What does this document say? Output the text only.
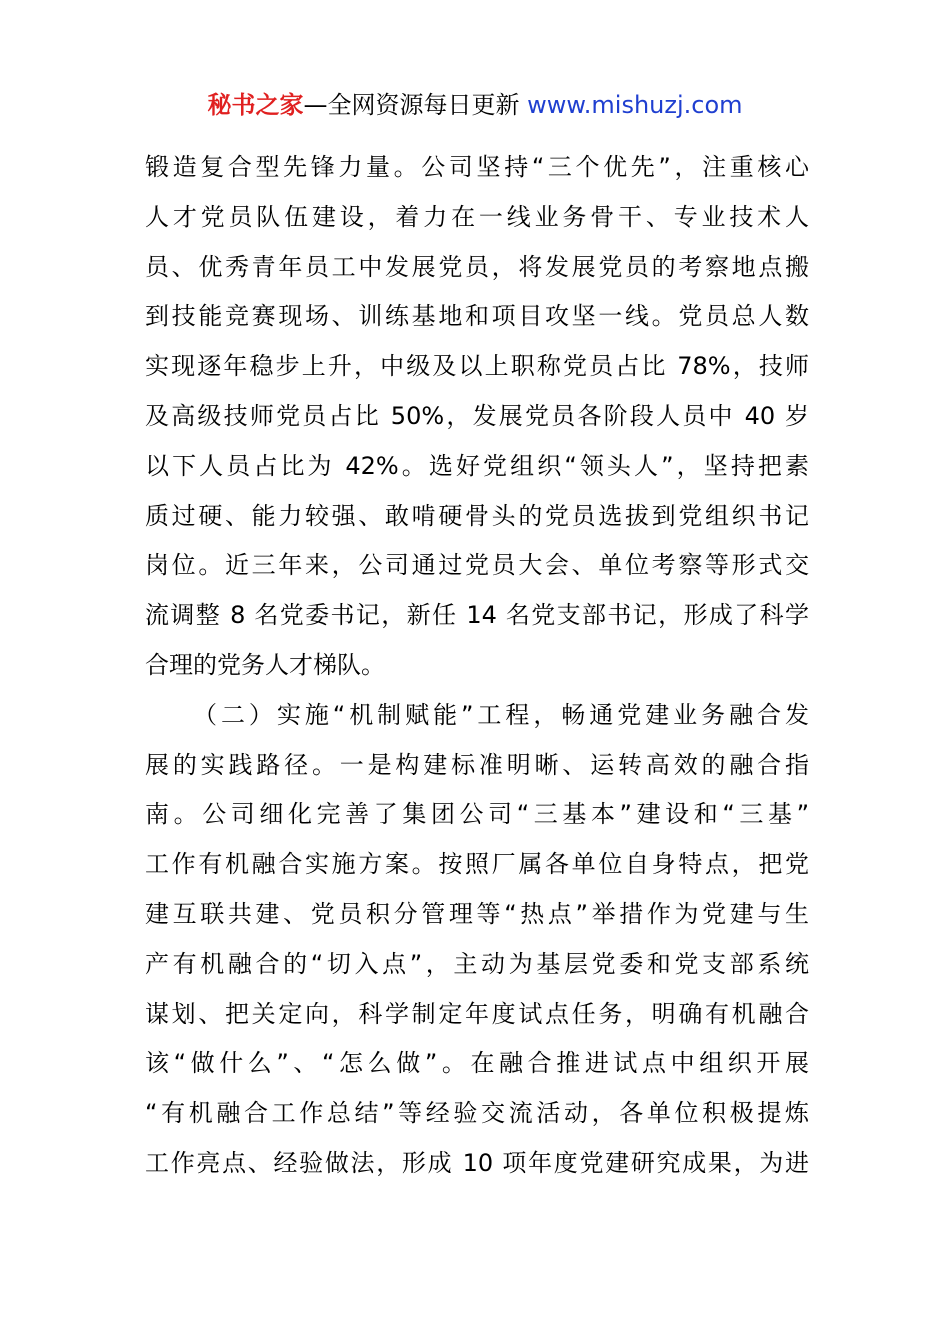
秘书之家—全网资源每日更新 www.mishuzj.com
锻造复合型先锋力量。公司坚持“三个优先”，注重核心
人才党员队伍建设，着力在一线业务骨干、专业技术人
员、优秀青年员工中发展党员，将发展党员的考察地点搬
到技能竞赛现场、训练基地和项目攻坚一线。党员总人数
实现逐年稳步上升，中级及以上职称党员占比 78%，技师
及高级技师党员占比 50%，发展党员各阶段人员中 40 岁
以下人员占比为 42%。选好党组织“领头人”，坚持把素
质过硬、能力较强、敢啃硬骨头的党员选拔到党组织书记
岗位。近三年来，公司通过党员大会、单位考察等形式交
流调整 8 名党委书记，新任 14 名党支部书记，形成了科学
合理的党务人才梯队。
（二）实施“机制赋能”工程，畅通党建业务融合发
展的实践路径。一是构建标准明晰、运转高效的融合指
南。公司细化完善了集团公司“三基本”建设和“三基”
工作有机融合实施方案。按照厂属各单位自身特点，把党
建互联共建、党员积分管理等“热点”举措作为党建与生
产有机融合的“切入点”，主动为基层党委和党支部系统
谋划、把关定向，科学制定年度试点任务，明确有机融合
该“做什么”、“怎么做”。在融合推进试点中组织开展
“有机融合工作总结”等经验交流活动，各单位积极提炼
工作亮点、经验做法，形成 10 项年度党建研究成果，为进
